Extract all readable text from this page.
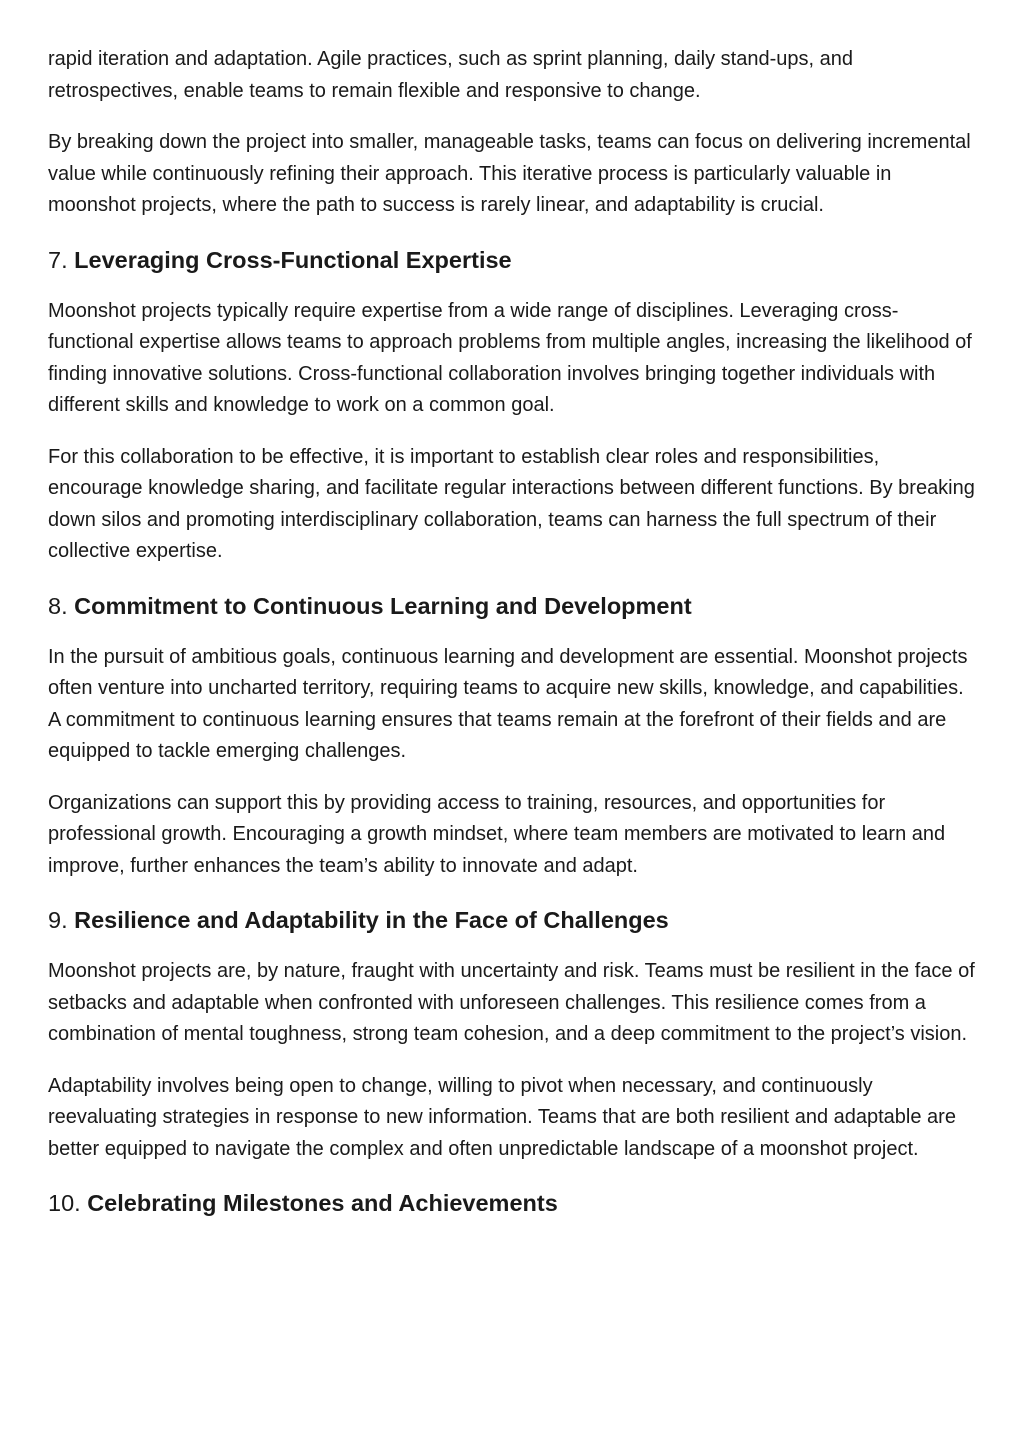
rapid iteration and adaptation. Agile practices, such as sprint planning, daily stand-ups, and retrospectives, enable teams to remain flexible and responsive to change.

By breaking down the project into smaller, manageable tasks, teams can focus on delivering incremental value while continuously refining their approach. This iterative process is particularly valuable in moonshot projects, where the path to success is rarely linear, and adaptability is crucial.

7. Leveraging Cross-Functional Expertise

Moonshot projects typically require expertise from a wide range of disciplines. Leveraging cross-functional expertise allows teams to approach problems from multiple angles, increasing the likelihood of finding innovative solutions. Cross-functional collaboration involves bringing together individuals with different skills and knowledge to work on a common goal.

For this collaboration to be effective, it is important to establish clear roles and responsibilities, encourage knowledge sharing, and facilitate regular interactions between different functions. By breaking down silos and promoting interdisciplinary collaboration, teams can harness the full spectrum of their collective expertise.

8. Commitment to Continuous Learning and Development

In the pursuit of ambitious goals, continuous learning and development are essential. Moonshot projects often venture into uncharted territory, requiring teams to acquire new skills, knowledge, and capabilities. A commitment to continuous learning ensures that teams remain at the forefront of their fields and are equipped to tackle emerging challenges.

Organizations can support this by providing access to training, resources, and opportunities for professional growth. Encouraging a growth mindset, where team members are motivated to learn and improve, further enhances the team’s ability to innovate and adapt.

9. Resilience and Adaptability in the Face of Challenges

Moonshot projects are, by nature, fraught with uncertainty and risk. Teams must be resilient in the face of setbacks and adaptable when confronted with unforeseen challenges. This resilience comes from a combination of mental toughness, strong team cohesion, and a deep commitment to the project’s vision.

Adaptability involves being open to change, willing to pivot when necessary, and continuously reevaluating strategies in response to new information. Teams that are both resilient and adaptable are better equipped to navigate the complex and often unpredictable landscape of a moonshot project.

10. Celebrating Milestones and Achievements
